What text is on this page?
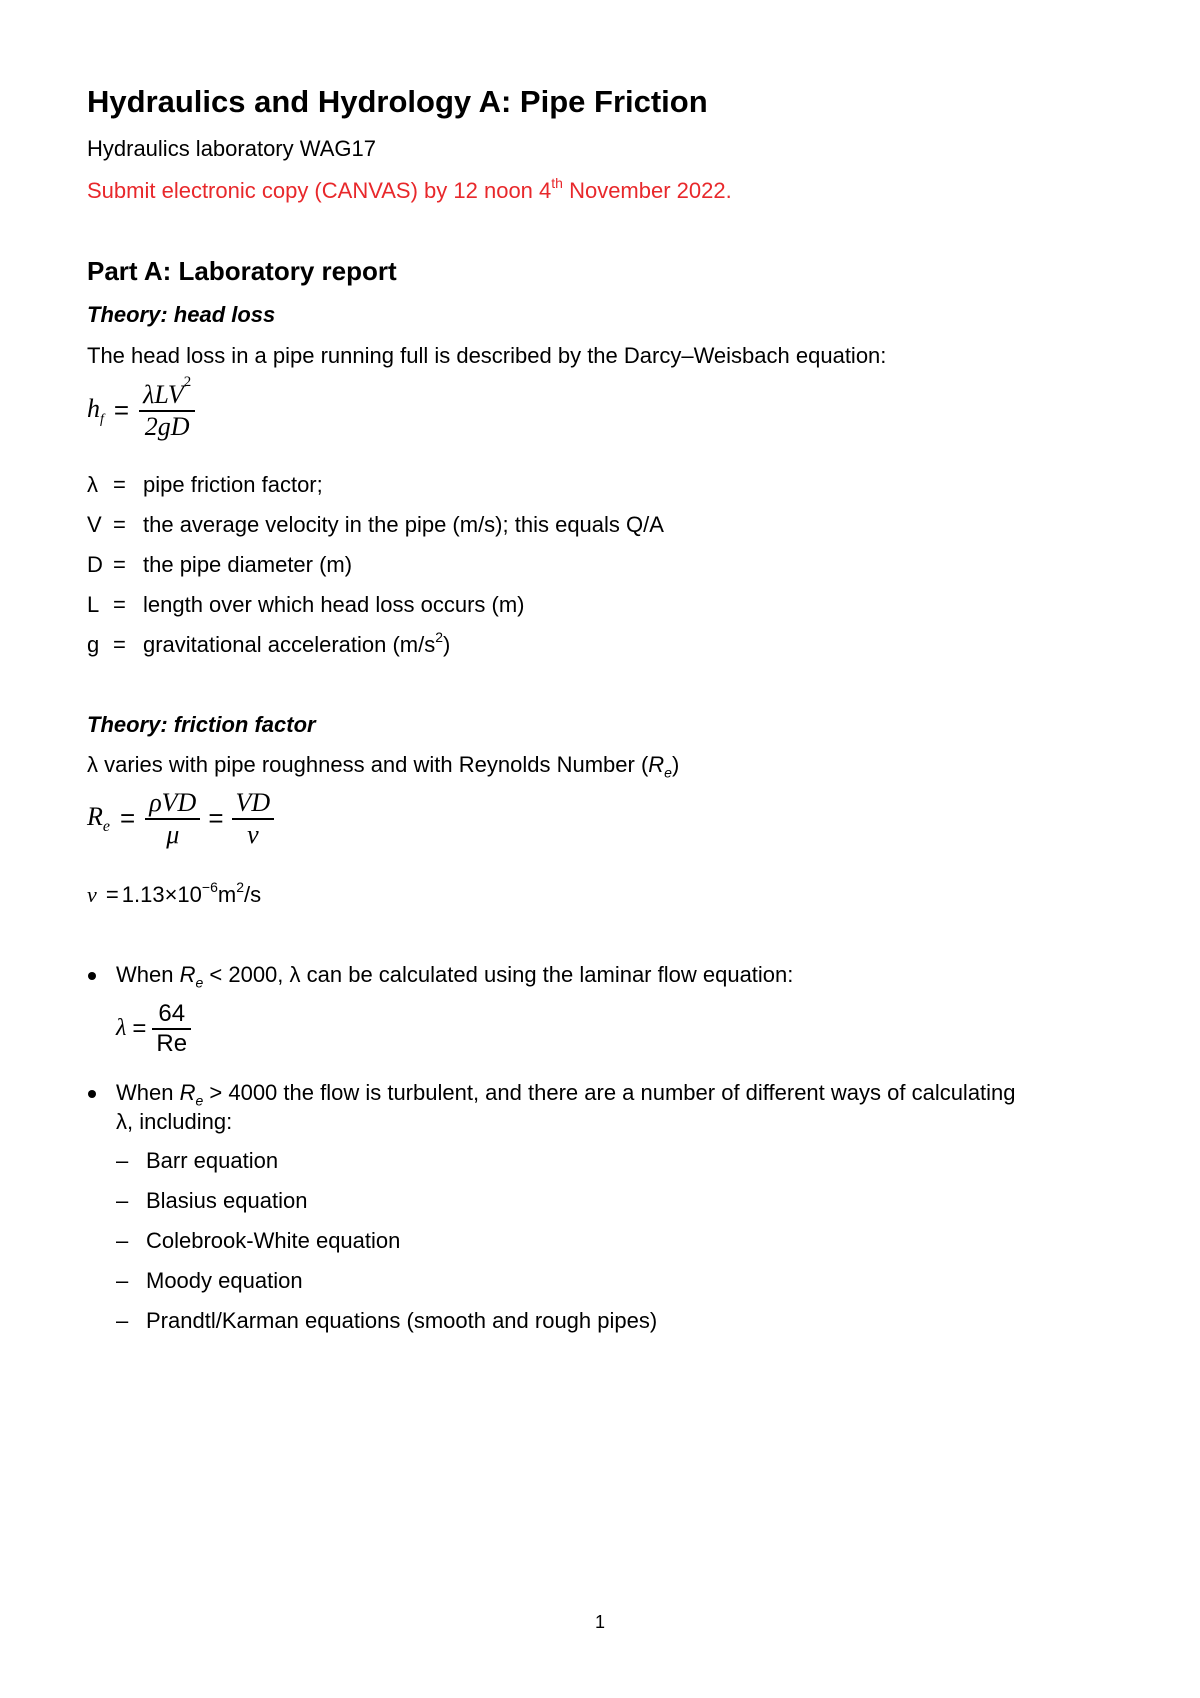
Hydraulics and Hydrology A: Pipe Friction
Hydraulics laboratory WAG17
Submit electronic copy (CANVAS) by 12 noon 4th November 2022.
Part A: Laboratory report
Theory: head loss
The head loss in a pipe running full is described by the Darcy–Weisbach equation:
$h_f = \frac{\lambda LV^2}{2gD}$
λ = pipe friction factor;
V = the average velocity in the pipe (m/s); this equals Q/A
D = the pipe diameter (m)
L = length over which head loss occurs (m)
g = gravitational acceleration $(m/s^2)$
Theory: friction factor
λ varies with pipe roughness and with Reynolds Number $(R_e)$
$R_e = \frac{\text{ρVD}}{\mu} = \frac{VD}{\nu}$
$\nu = 1.13\times 10^{-6}m^2/s$
When $R_e < 2000$, λ can be calculated using the laminar flow equation:
$\lambda = \frac{64}{Re}$
When $R_e > 4000$ the flow is turbulent, and there are a number of different ways of calculating
λ, including:
– Barr equation
– Blasius equation
– Colebrook-White equation
– Moody equation
– Prandtl/Karman equations (smooth and rough pipes)
1
